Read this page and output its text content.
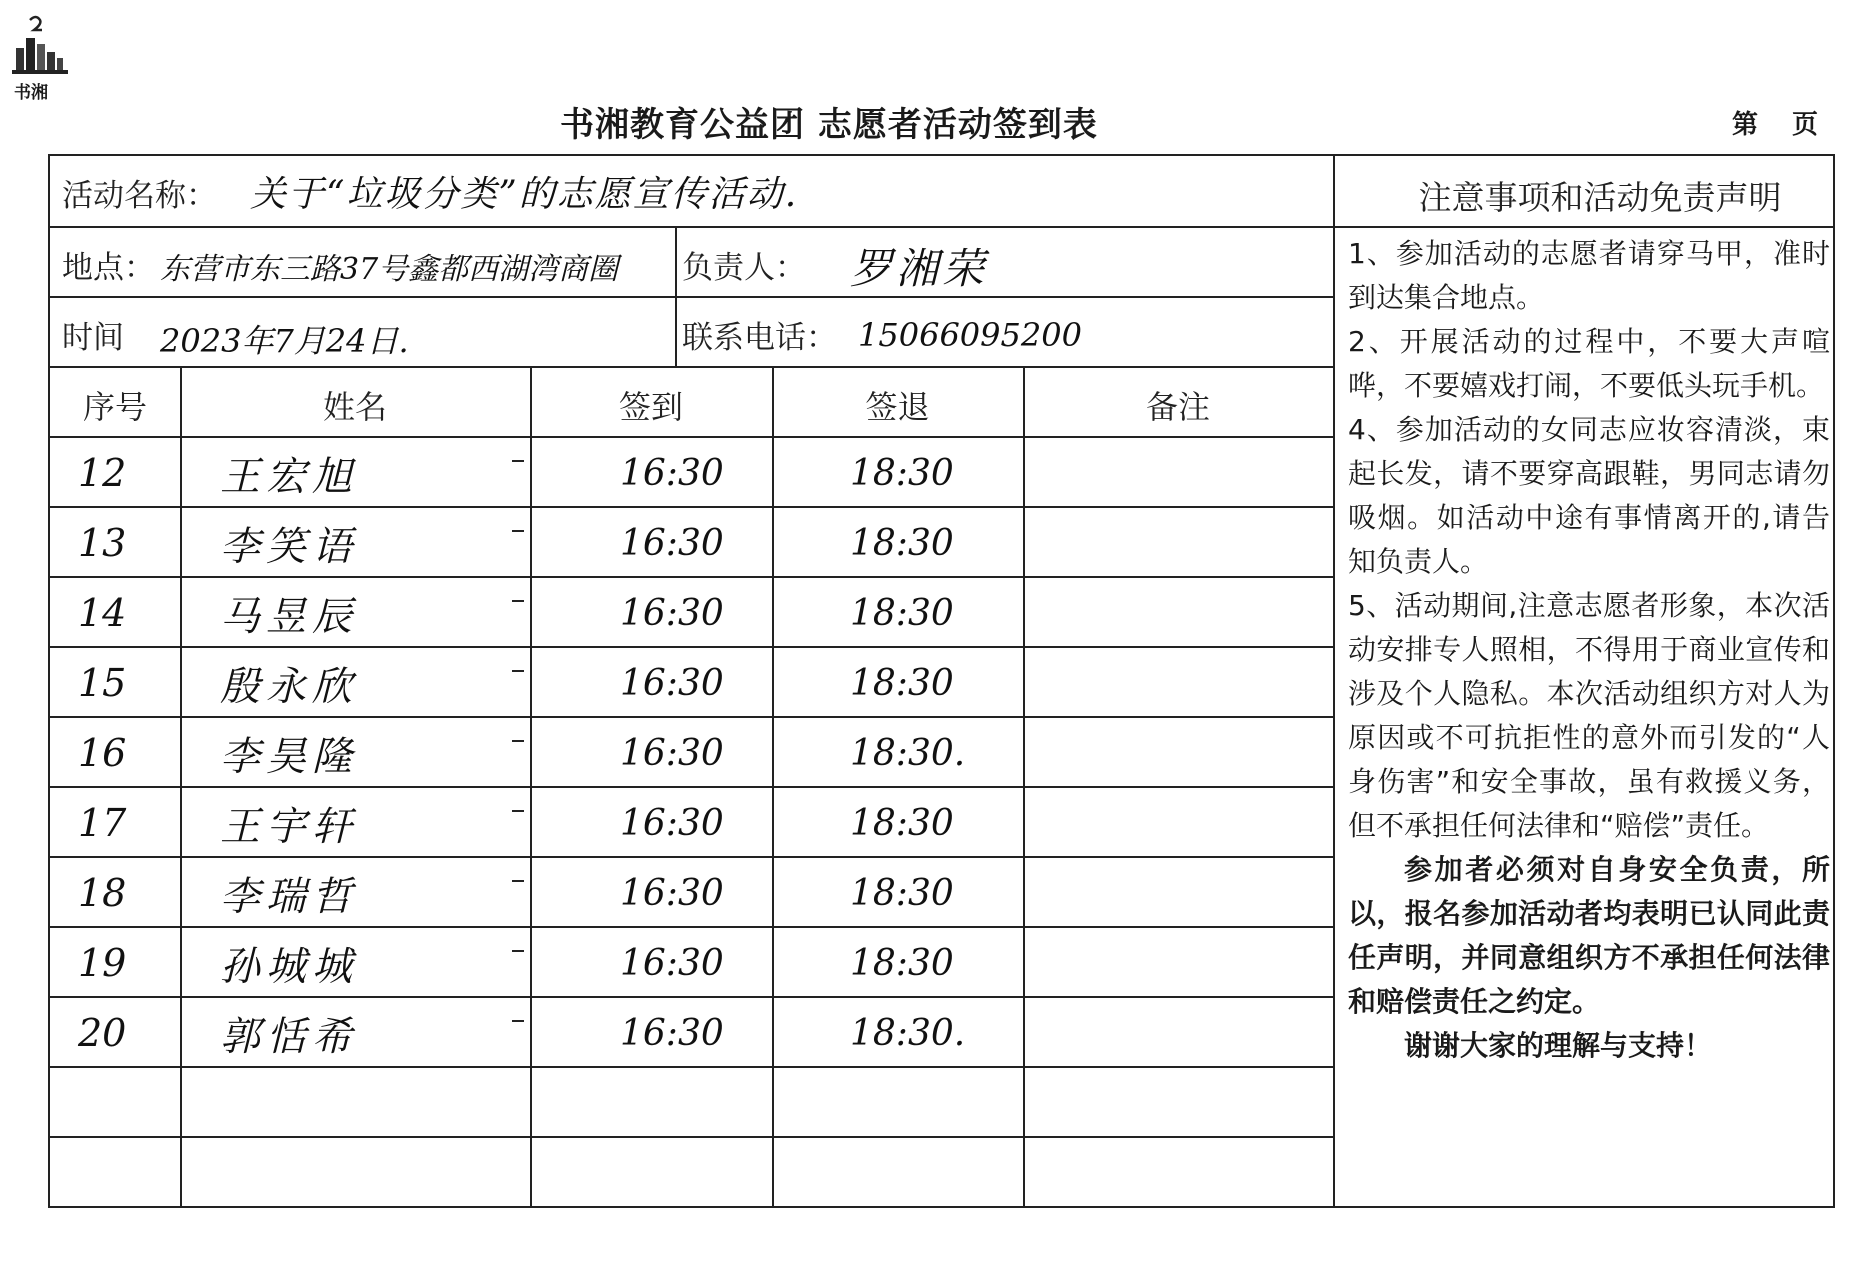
书湘
书湘教育公益团 志愿者活动签到表	第页
活动名称： 关于“垃圾分类”的志愿宣传活动.
地点： 东营市东三路37号鑫都西湖湾商圈 负责人： 罗湘荣
时间 2023年7月24日.	联系电话： 15066095200
序号	姓名	签到	签退	备注
12	王宏旭	16:30	18:30
13	李笑语	16:30	18:30
14	马昱辰	16:30	18:30
15	殷永欣	16:30	18:30
16	李昊隆	16:30	18:30.
17	王宇轩	16:30	18:30
18	李瑞哲	16:30	18:30
19	孙城城	16:30	18:30
20	郭恬希	16:30	18:30.
注意事项和活动免责声明

1、参加活动的志愿者请穿马甲，准时到达集合地点。

2、开展活动的过程中，不要大声喧哗，不要嬉戏打闹，不要低头玩手机。

4、参加活动的女同志应妆容清淡，束起长发，请不要穿高跟鞋，男同志请勿吸烟。如活动中途有事情离开的,请告知负责人。

5、活动期间,注意志愿者形象，本次活动安排专人照相，不得用于商业宣传和涉及个人隐私。本次活动组织方对人为原因或不可抗拒性的意外而引发的“人身伤害”和安全事故，虽有救援义务，但不承担任何法律和“赔偿”责任。

参加者必须对自身安全负责，所以，报名参加活动者均表明已认同此责任声明，并同意组织方不承担任何法律和赔偿责任之约定。

谢谢大家的理解与支持！
